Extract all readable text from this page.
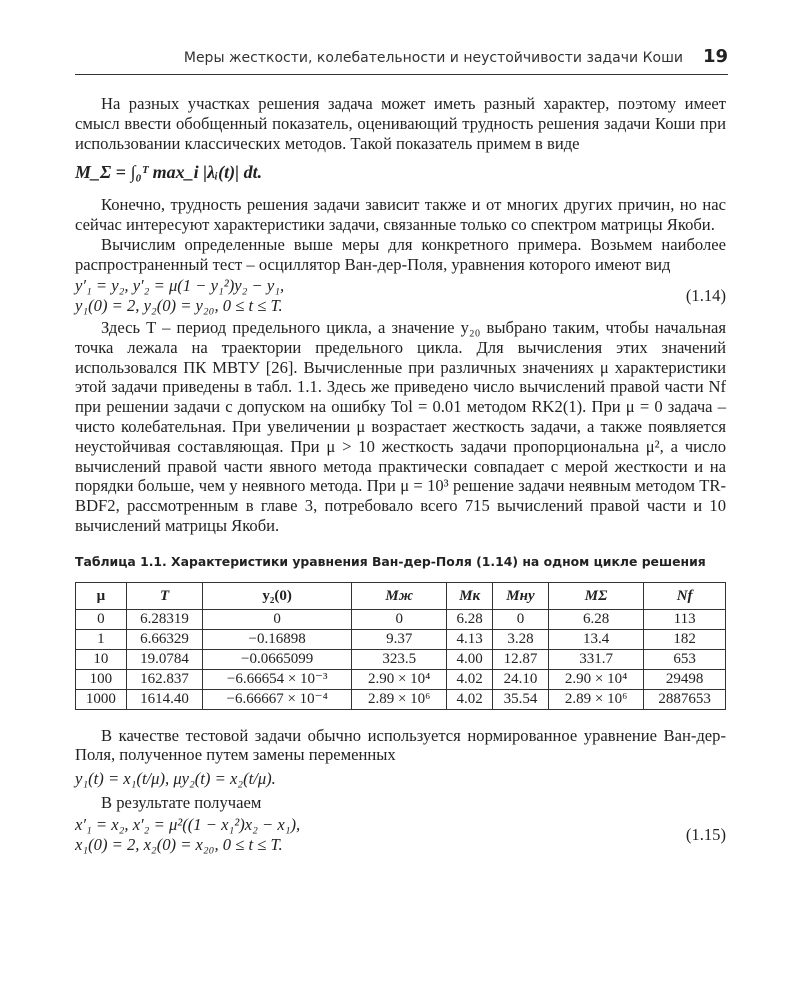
Меры жесткости, колебательности и неустойчивости задачи Коши 19

На разных участках решения задача может иметь разный характер, поэтому имеет смысл ввести обобщенный показатель, оценивающий трудность решения задачи Коши при использовании классических методов. Такой показатель примем в виде

M_Σ = ∫₀ᵀ max_i |λᵢ(t)| dt.

Конечно, трудность решения задачи зависит также и от многих других причин, но нас сейчас интересуют характеристики задачи, связанные только со спектром матрицы Якоби.

Вычислим определенные выше меры для конкретного примера. Возьмем наиболее распространенный тест – осциллятор Ван-дер-Поля, уравнения которого имеют вид

y′₁ = y₂, y′₂ = μ(1 − y₁²)y₂ − y₁,
y₁(0) = 2, y₂(0) = y₂₀, 0 ≤ t ≤ T.
(1.14)

Здесь T – период предельного цикла, а значение y₂₀ выбрано таким, чтобы начальная точка лежала на траектории предельного цикла. Для вычисления этих значений использовался ПК МВТУ [26]. Вычисленные при различных значениях μ характеристики этой задачи приведены в табл. 1.1. Здесь же приведено число вычислений правой части Nf при решении задачи с допуском на ошибку Tol = 0.01 методом RK2(1). При μ = 0 задача – чисто колебательная. При увеличении μ возрастает жесткость задачи, а также появляется неустойчивая составляющая. При μ > 10 жесткость задачи пропорциональна μ², а число вычислений правой части явного метода практически совпадает с мерой жесткости и на порядки больше, чем у неявного метода. При μ = 10³ решение задачи неявным методом TR-BDF2, рассмотренным в главе 3, потребовало всего 715 вычислений правой части и 10 вычислений матрицы Якоби.

Таблица 1.1. Характеристики уравнения Ван-дер-Поля (1.14) на одном цикле решения
μ	T	y₂(0)	Mж	Mк	Mну	MΣ	Nf
0	6.28319	0	0	6.28	0	6.28	113
1	6.66329	−0.16898	9.37	4.13	3.28	13.4	182
10	19.0784	−0.0665099	323.5	4.00	12.87	331.7	653
100	162.837	−6.66654 × 10⁻³	2.90 × 10⁴	4.02	24.10	2.90 × 10⁴	29498
1000	1614.40	−6.66667 × 10⁻⁴	2.89 × 10⁶	4.02	35.54	2.89 × 10⁶	2887653

В качестве тестовой задачи обычно используется нормированное уравнение Ван-дер-Поля, полученное путем замены переменных

y₁(t) = x₁(t/μ), μy₂(t) = x₂(t/μ).

В результате получаем

x′₁ = x₂, x′₂ = μ²((1 − x₁²)x₂ − x₁),
x₁(0) = 2, x₂(0) = x₂₀, 0 ≤ t ≤ T.
(1.15)
